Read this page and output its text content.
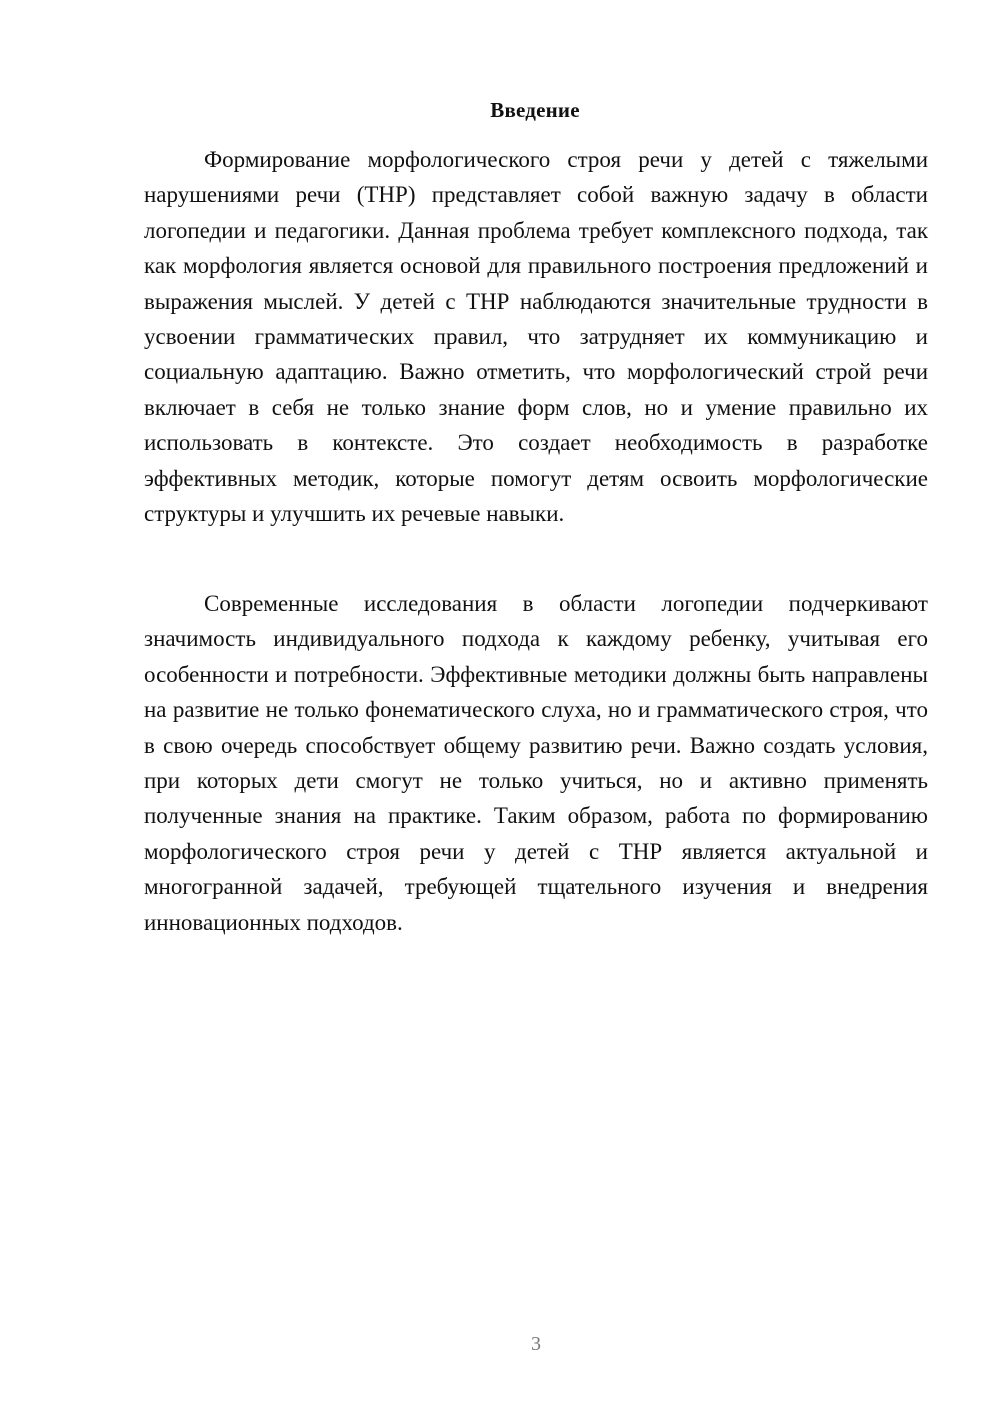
Введение

Формирование морфологического строя речи у детей с тяжелыми нарушениями речи (ТНР) представляет собой важную задачу в области логопедии и педагогики. Данная проблема требует комплексного подхода, так как морфология является основой для правильного построения предложений и выражения мыслей. У детей с ТНР наблюдаются значительные трудности в усвоении грамматических правил, что затрудняет их коммуникацию и социальную адаптацию. Важно отметить, что морфологический строй речи включает в себя не только знание форм слов, но и умение правильно их использовать в контексте. Это создает необходимость в разработке эффективных методик, которые помогут детям освоить морфологические структуры и улучшить их речевые навыки.

Современные исследования в области логопедии подчеркивают значимость индивидуального подхода к каждому ребенку, учитывая его особенности и потребности. Эффективные методики должны быть направлены на развитие не только фонематического слуха, но и грамматического строя, что в свою очередь способствует общему развитию речи. Важно создать условия, при которых дети смогут не только учиться, но и активно применять полученные знания на практике. Таким образом, работа по формированию морфологического строя речи у детей с ТНР является актуальной и многогранной задачей, требующей тщательного изучения и внедрения инновационных подходов.

3
